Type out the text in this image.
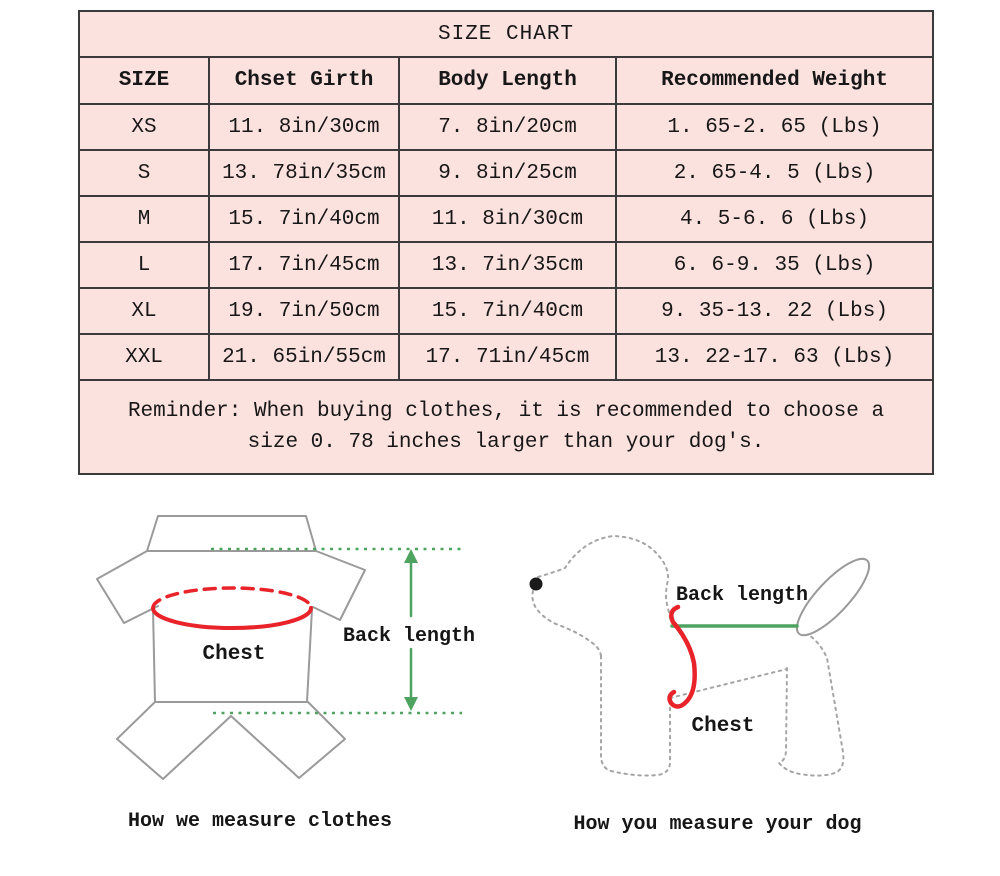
SIZE CHART			
SIZE	Chset Girth	Body Length	Recommended Weight
XS	11. 8in/30cm	7. 8in/20cm	1. 65-2. 65 (Lbs)
S	13. 78in/35cm	9. 8in/25cm	2. 65-4. 5 (Lbs)
M	15. 7in/40cm	11. 8in/30cm	4. 5-6. 6 (Lbs)
L	17. 7in/45cm	13. 7in/35cm	6. 6-9. 35 (Lbs)
XL	19. 7in/50cm	15. 7in/40cm	9. 35-13. 22 (Lbs)
XXL	21. 65in/55cm	17. 71in/45cm	13. 22-17. 63 (Lbs)

Reminder: When buying clothes, it is recommended to choose a
size 0. 78 inches larger than your dog's.			
Chest
Back length
Back length
Chest
How we measure clothes	How you measure your dog
